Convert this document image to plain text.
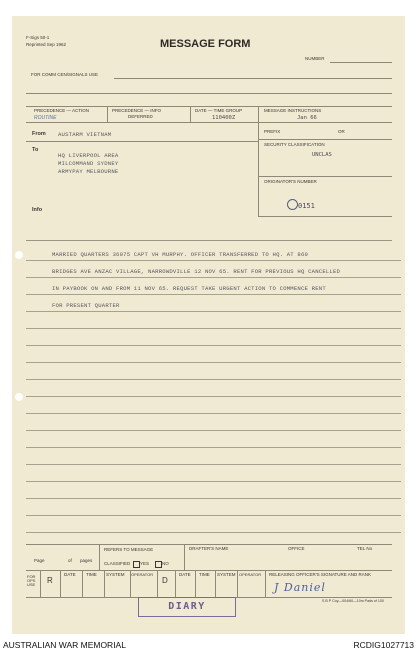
F-Sigs 50-1
Reprinted Sep 1962	MESSAGE FORM
NUMBER
FOR COMM CEN/SIGNALS USE
PRECEDENCE — ACTION
ROUTINE
PRECEDENCE — INFO
DEFERRED
DATE — TIME GROUP
110400Z
MESSAGE INSTRUCTIONS
Jan 66
From AUSTARM VIETNAM
To
HQ LIVERPOOL AREA
MILCOMMAND SYDNEY
ARMYPAY MELBOURNE
Info
PREFIX	OR
SECURITY CLASSIFICATION
UNCLAS
ORIGINATOR'S NUMBER
0151
MARRIED QUARTERS 36075 CAPT VH MURPHY. OFFICER TRANSFERRED TO HQ. AT 860
BRIDGES AVE ANZAC VILLAGE, NARROWDVILLE 12 NOV 65. RENT FOR PREVIOUS HQ CANCELLED
IN PAYBOOK ON AND FROM 11 NOV 65. REQUEST TAKE URGENT ACTION TO COMMENCE RENT
FOR PRESENT QUARTER
Page	of pages
REFERS TO MESSAGE
CLASSIFIED YES	NO
DRAFTER'S NAME	OFFICE	TEL No
FOR OPS USE	R
DATE TIME SYSTEM OPERATOR
D
DATE TIME SYSTEM OPERATOR RELEASING OFFICER'S SIGNATURE AND RANK
J Daniel
S B P Coy—004/60—10m Pads of 100
DIARY
AUSTRALIAN WAR MEMORIAL	RCDIG1027713
